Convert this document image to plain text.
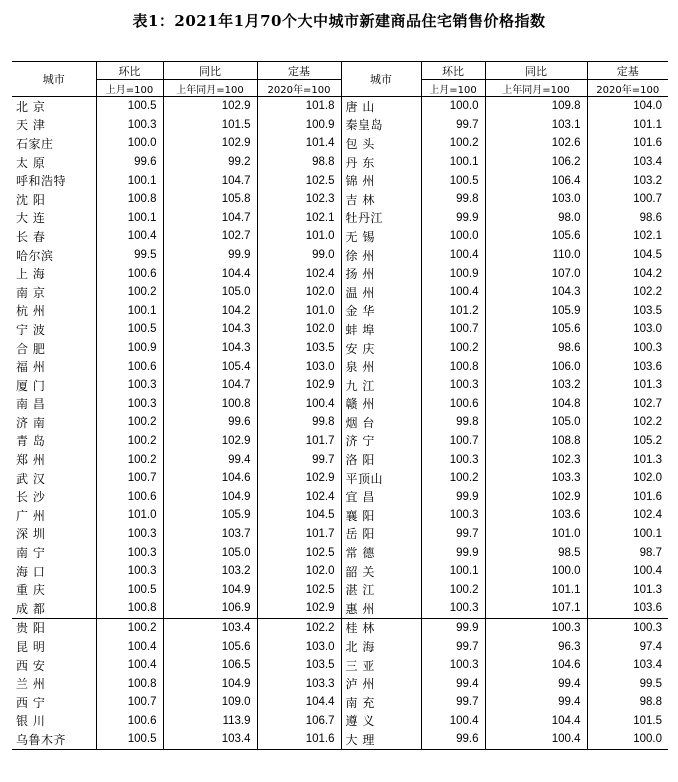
表1：2021年1月70个大中城市新建商品住宅销售价格指数
城市	环比	同比	定基	城市	环比	同比	定基
	上月=100	上年同月=100	2020年=100		上月=100	上年同月=100	2020年=100
北 京	100.5	102.9	101.8	唐 山	100.0	109.8	104.0
天 津	100.3	101.5	100.9	秦皇岛	99.7	103.1	101.1
石家庄	100.0	102.9	101.4	包 头	100.2	102.6	101.6
太 原	99.6	99.2	98.8	丹 东	100.1	106.2	103.4
呼和浩特	100.1	104.7	102.5	锦 州	100.5	106.4	103.2
沈 阳	100.8	105.8	102.3	吉 林	99.8	103.0	100.7
大 连	100.1	104.7	102.1	牡丹江	99.9	98.0	98.6
长 春	100.4	102.7	101.0	无 锡	100.0	105.6	102.1
哈尔滨	99.5	99.9	99.0	徐 州	100.4	110.0	104.5
上 海	100.6	104.4	102.4	扬 州	100.9	107.0	104.2
南 京	100.2	105.0	102.0	温 州	100.4	104.3	102.2
杭 州	100.1	104.2	101.0	金 华	101.2	105.9	103.5
宁 波	100.5	104.3	102.0	蚌 埠	100.7	105.6	103.0
合 肥	100.9	104.3	103.5	安 庆	100.2	98.6	100.3
福 州	100.6	105.4	103.0	泉 州	100.8	106.0	103.6
厦 门	100.3	104.7	102.9	九 江	100.3	103.2	101.3
南 昌	100.3	100.8	100.4	赣 州	100.6	104.8	102.7
济 南	100.2	99.6	99.8	烟 台	99.8	105.0	102.2
青 岛	100.2	102.9	101.7	济 宁	100.7	108.8	105.2
郑 州	100.2	99.4	99.7	洛 阳	100.3	102.3	101.3
武 汉	100.7	104.6	102.9	平顶山	100.2	103.3	102.0
长 沙	100.6	104.9	102.4	宜 昌	99.9	102.9	101.6
广 州	101.0	105.9	104.5	襄 阳	100.3	103.6	102.4
深 圳	100.3	103.7	101.7	岳 阳	99.7	101.0	100.1
南 宁	100.3	105.0	102.5	常 德	99.9	98.5	98.7
海 口	100.3	103.2	102.0	韶 关	100.1	100.0	100.4
重 庆	100.5	104.9	102.5	湛 江	100.2	101.1	101.3
成 都	100.8	106.9	102.9	惠 州	100.3	107.1	103.6
贵 阳	100.2	103.4	102.2	桂 林	99.9	100.3	100.3
昆 明	100.4	105.6	103.0	北 海	99.7	96.3	97.4
西 安	100.4	106.5	103.5	三 亚	100.3	104.6	103.4
兰 州	100.8	104.9	103.3	泸 州	99.4	99.4	99.5
西 宁	100.7	109.0	104.4	南 充	99.7	99.4	98.8
银 川	100.6	113.9	106.7	遵 义	100.4	104.4	101.5
乌鲁木齐	100.5	103.4	101.6	大 理	99.6	100.4	100.0
